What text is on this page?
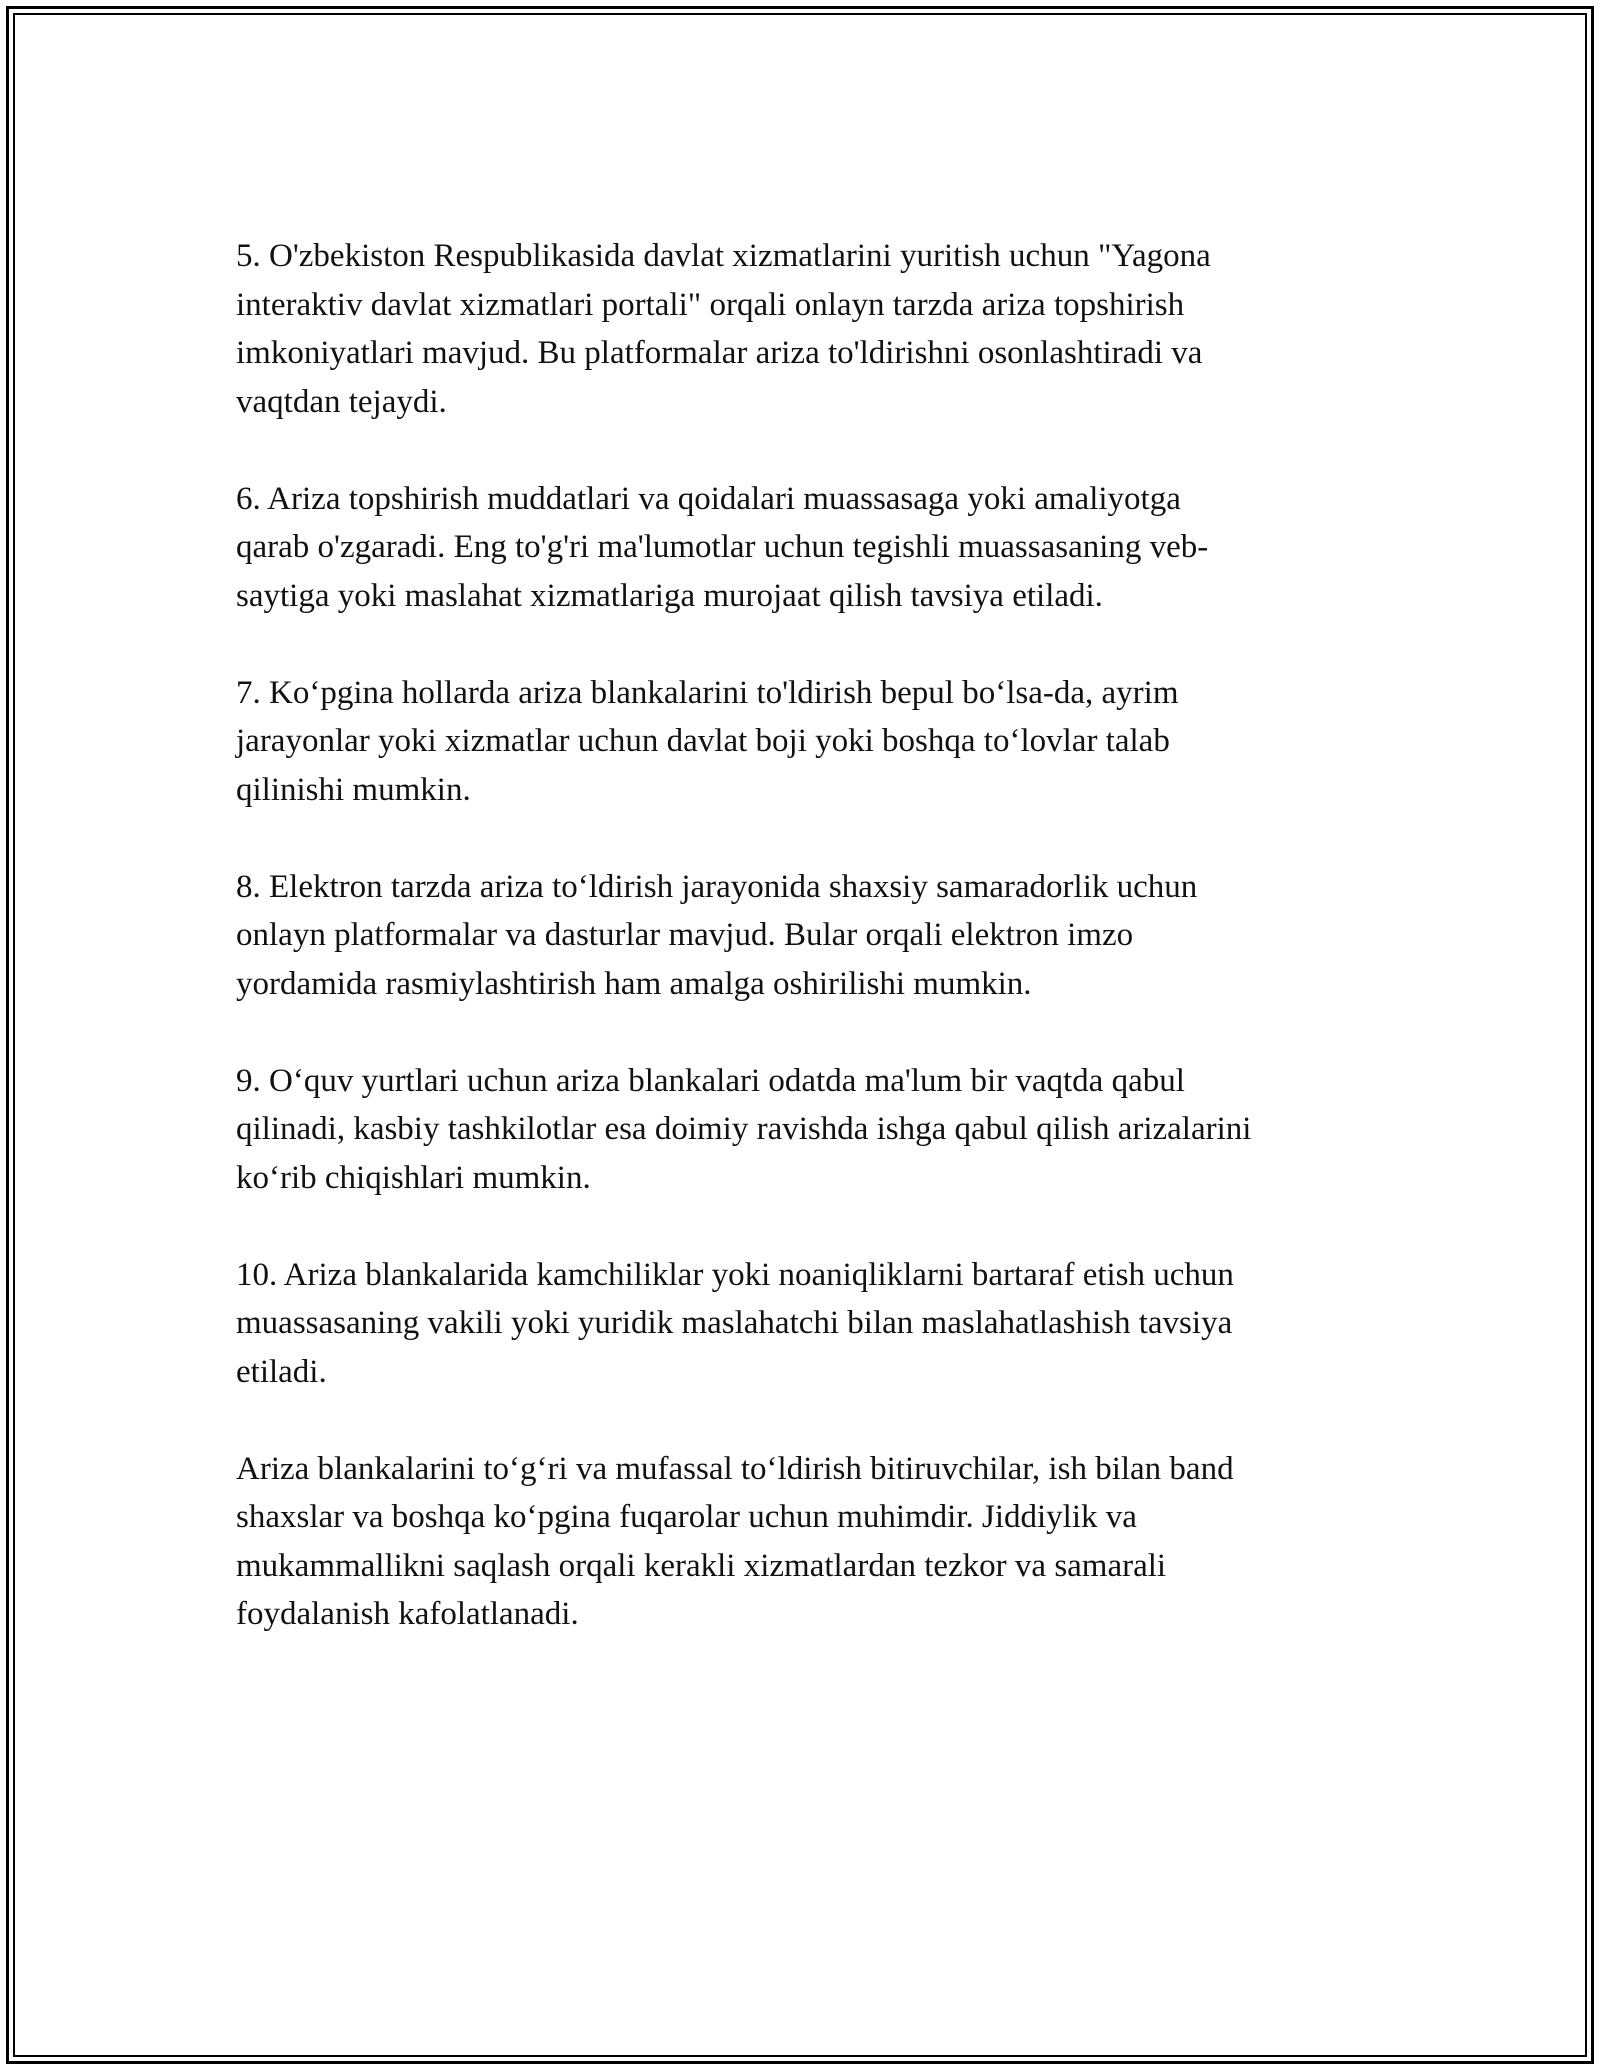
5. O'zbekiston Respublikasida davlat xizmatlarini yuritish uchun "Yagona
interaktiv davlat xizmatlari portali" orqali onlayn tarzda ariza topshirish
imkoniyatlari mavjud. Bu platformalar ariza to'ldirishni osonlashtiradi va
vaqtdan tejaydi.

6. Ariza topshirish muddatlari va qoidalari muassasaga yoki amaliyotga
qarab o'zgaradi. Eng to'g'ri ma'lumotlar uchun tegishli muassasaning veb-
saytiga yoki maslahat xizmatlariga murojaat qilish tavsiya etiladi.

7. Ko‘pgina hollarda ariza blankalarini to'ldirish bepul bo‘lsa-da, ayrim
jarayonlar yoki xizmatlar uchun davlat boji yoki boshqa to‘lovlar talab
qilinishi mumkin.

8. Elektron tarzda ariza to‘ldirish jarayonida shaxsiy samaradorlik uchun
onlayn platformalar va dasturlar mavjud. Bular orqali elektron imzo
yordamida rasmiylashtirish ham amalga oshirilishi mumkin.

9. O‘quv yurtlari uchun ariza blankalari odatda ma'lum bir vaqtda qabul
qilinadi, kasbiy tashkilotlar esa doimiy ravishda ishga qabul qilish arizalarini
ko‘rib chiqishlari mumkin.

10. Ariza blankalarida kamchiliklar yoki noaniqliklarni bartaraf etish uchun
muassasaning vakili yoki yuridik maslahatchi bilan maslahatlashish tavsiya
etiladi.

Ariza blankalarini to‘g‘ri va mufassal to‘ldirish bitiruvchilar, ish bilan band
shaxslar va boshqa ko‘pgina fuqarolar uchun muhimdir. Jiddiylik va
mukammallikni saqlash orqali kerakli xizmatlardan tezkor va samarali
foydalanish kafolatlanadi.
